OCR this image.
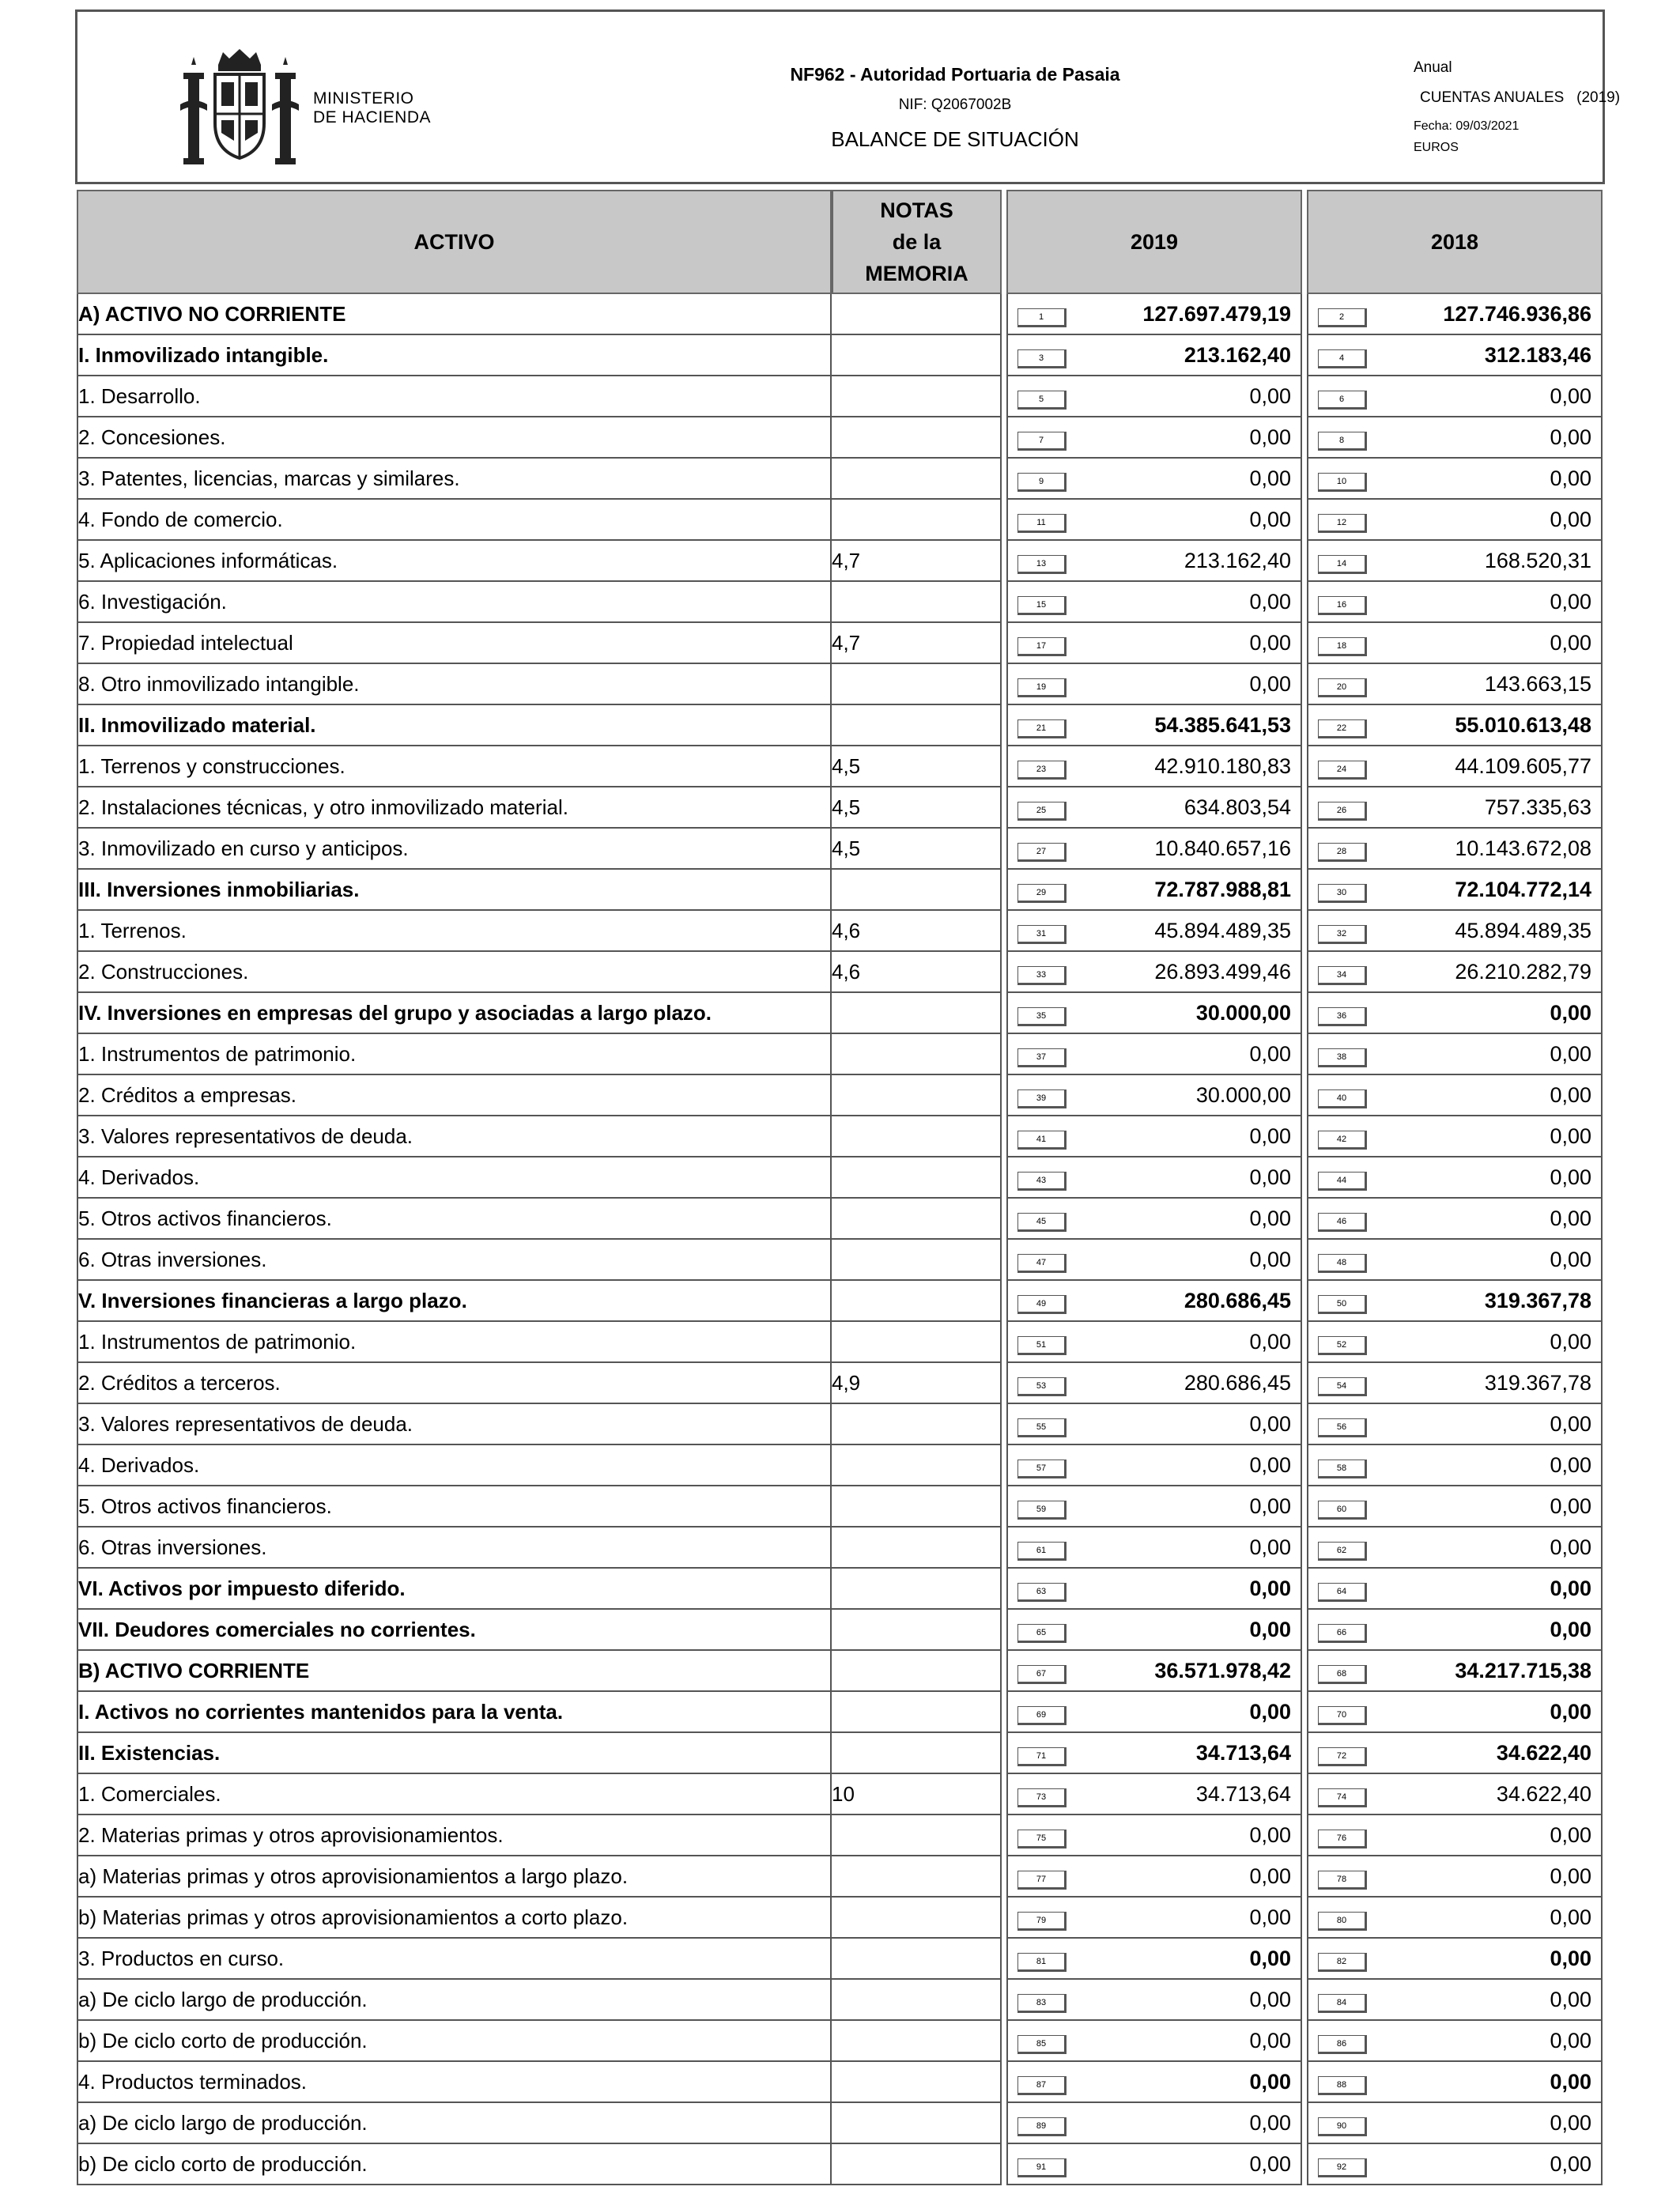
MINISTERIO
DE HACIENDA
NF962 - Autoridad Portuaria de Pasaia
NIF: Q2067002B
BALANCE DE SITUACIÓN
Anual
CUENTAS ANUALES   (2019)
Fecha: 09/03/2021
EUROS
ACTIVO	NOTAS
de la
MEMORIA		2019		2018
A) ACTIVO NO CORRIENTE			1 127.697.479,19		2 127.746.936,86

I. Inmovilizado intangible.			3 213.162,40		4 312.183,46

1. Desarrollo.			5 0,00		6 0,00

2. Concesiones.			7 0,00		8 0,00

3. Patentes, licencias, marcas y similares.			9 0,00		10 0,00

4. Fondo de comercio.			11 0,00		12 0,00

5. Aplicaciones informáticas.	4,7		13 213.162,40		14 168.520,31

6. Investigación.			15 0,00		16 0,00

7. Propiedad intelectual	4,7		17 0,00		18 0,00

8. Otro inmovilizado intangible.			19 0,00		20 143.663,15

II. Inmovilizado material.			21 54.385.641,53		22 55.010.613,48

1. Terrenos y construcciones.	4,5		23 42.910.180,83		24 44.109.605,77

2. Instalaciones técnicas, y otro inmovilizado material.	4,5		25 634.803,54		26 757.335,63

3. Inmovilizado en curso y anticipos.	4,5		27 10.840.657,16		28 10.143.672,08

III. Inversiones inmobiliarias.			29 72.787.988,81		30 72.104.772,14

1. Terrenos.	4,6		31 45.894.489,35		32 45.894.489,35

2. Construcciones.	4,6		33 26.893.499,46		34 26.210.282,79

IV. Inversiones en empresas del grupo y asociadas a largo plazo.			35 30.000,00		36 0,00

1. Instrumentos de patrimonio.			37 0,00		38 0,00

2. Créditos a empresas.			39 30.000,00		40 0,00

3. Valores representativos de deuda.			41 0,00		42 0,00

4. Derivados.			43 0,00		44 0,00

5. Otros activos financieros.			45 0,00		46 0,00

6. Otras inversiones.			47 0,00		48 0,00

V. Inversiones financieras a largo plazo.			49 280.686,45		50 319.367,78

1. Instrumentos de patrimonio.			51 0,00		52 0,00

2. Créditos a terceros.	4,9		53 280.686,45		54 319.367,78

3. Valores representativos de deuda.			55 0,00		56 0,00

4. Derivados.			57 0,00		58 0,00

5. Otros activos financieros.			59 0,00		60 0,00

6. Otras inversiones.			61 0,00		62 0,00

VI. Activos por impuesto diferido.			63 0,00		64 0,00

VII. Deudores comerciales no corrientes.			65 0,00		66 0,00

B) ACTIVO CORRIENTE			67 36.571.978,42		68 34.217.715,38

I. Activos no corrientes mantenidos para la venta.			69 0,00		70 0,00

II. Existencias.			71 34.713,64		72 34.622,40

1. Comerciales.	10		73 34.713,64		74 34.622,40

2. Materias primas y otros aprovisionamientos.			75 0,00		76 0,00

a) Materias primas y otros aprovisionamientos a largo plazo.			77 0,00		78 0,00

b) Materias primas y otros aprovisionamientos a corto plazo.			79 0,00		80 0,00

3. Productos en curso.			81 0,00		82 0,00

a) De ciclo largo de producción.			83 0,00		84 0,00

b) De ciclo corto de producción.			85 0,00		86 0,00

4. Productos terminados.			87 0,00		88 0,00

a) De ciclo largo de producción.			89 0,00		90 0,00

b) De ciclo corto de producción.			91 0,00		92 0,00
